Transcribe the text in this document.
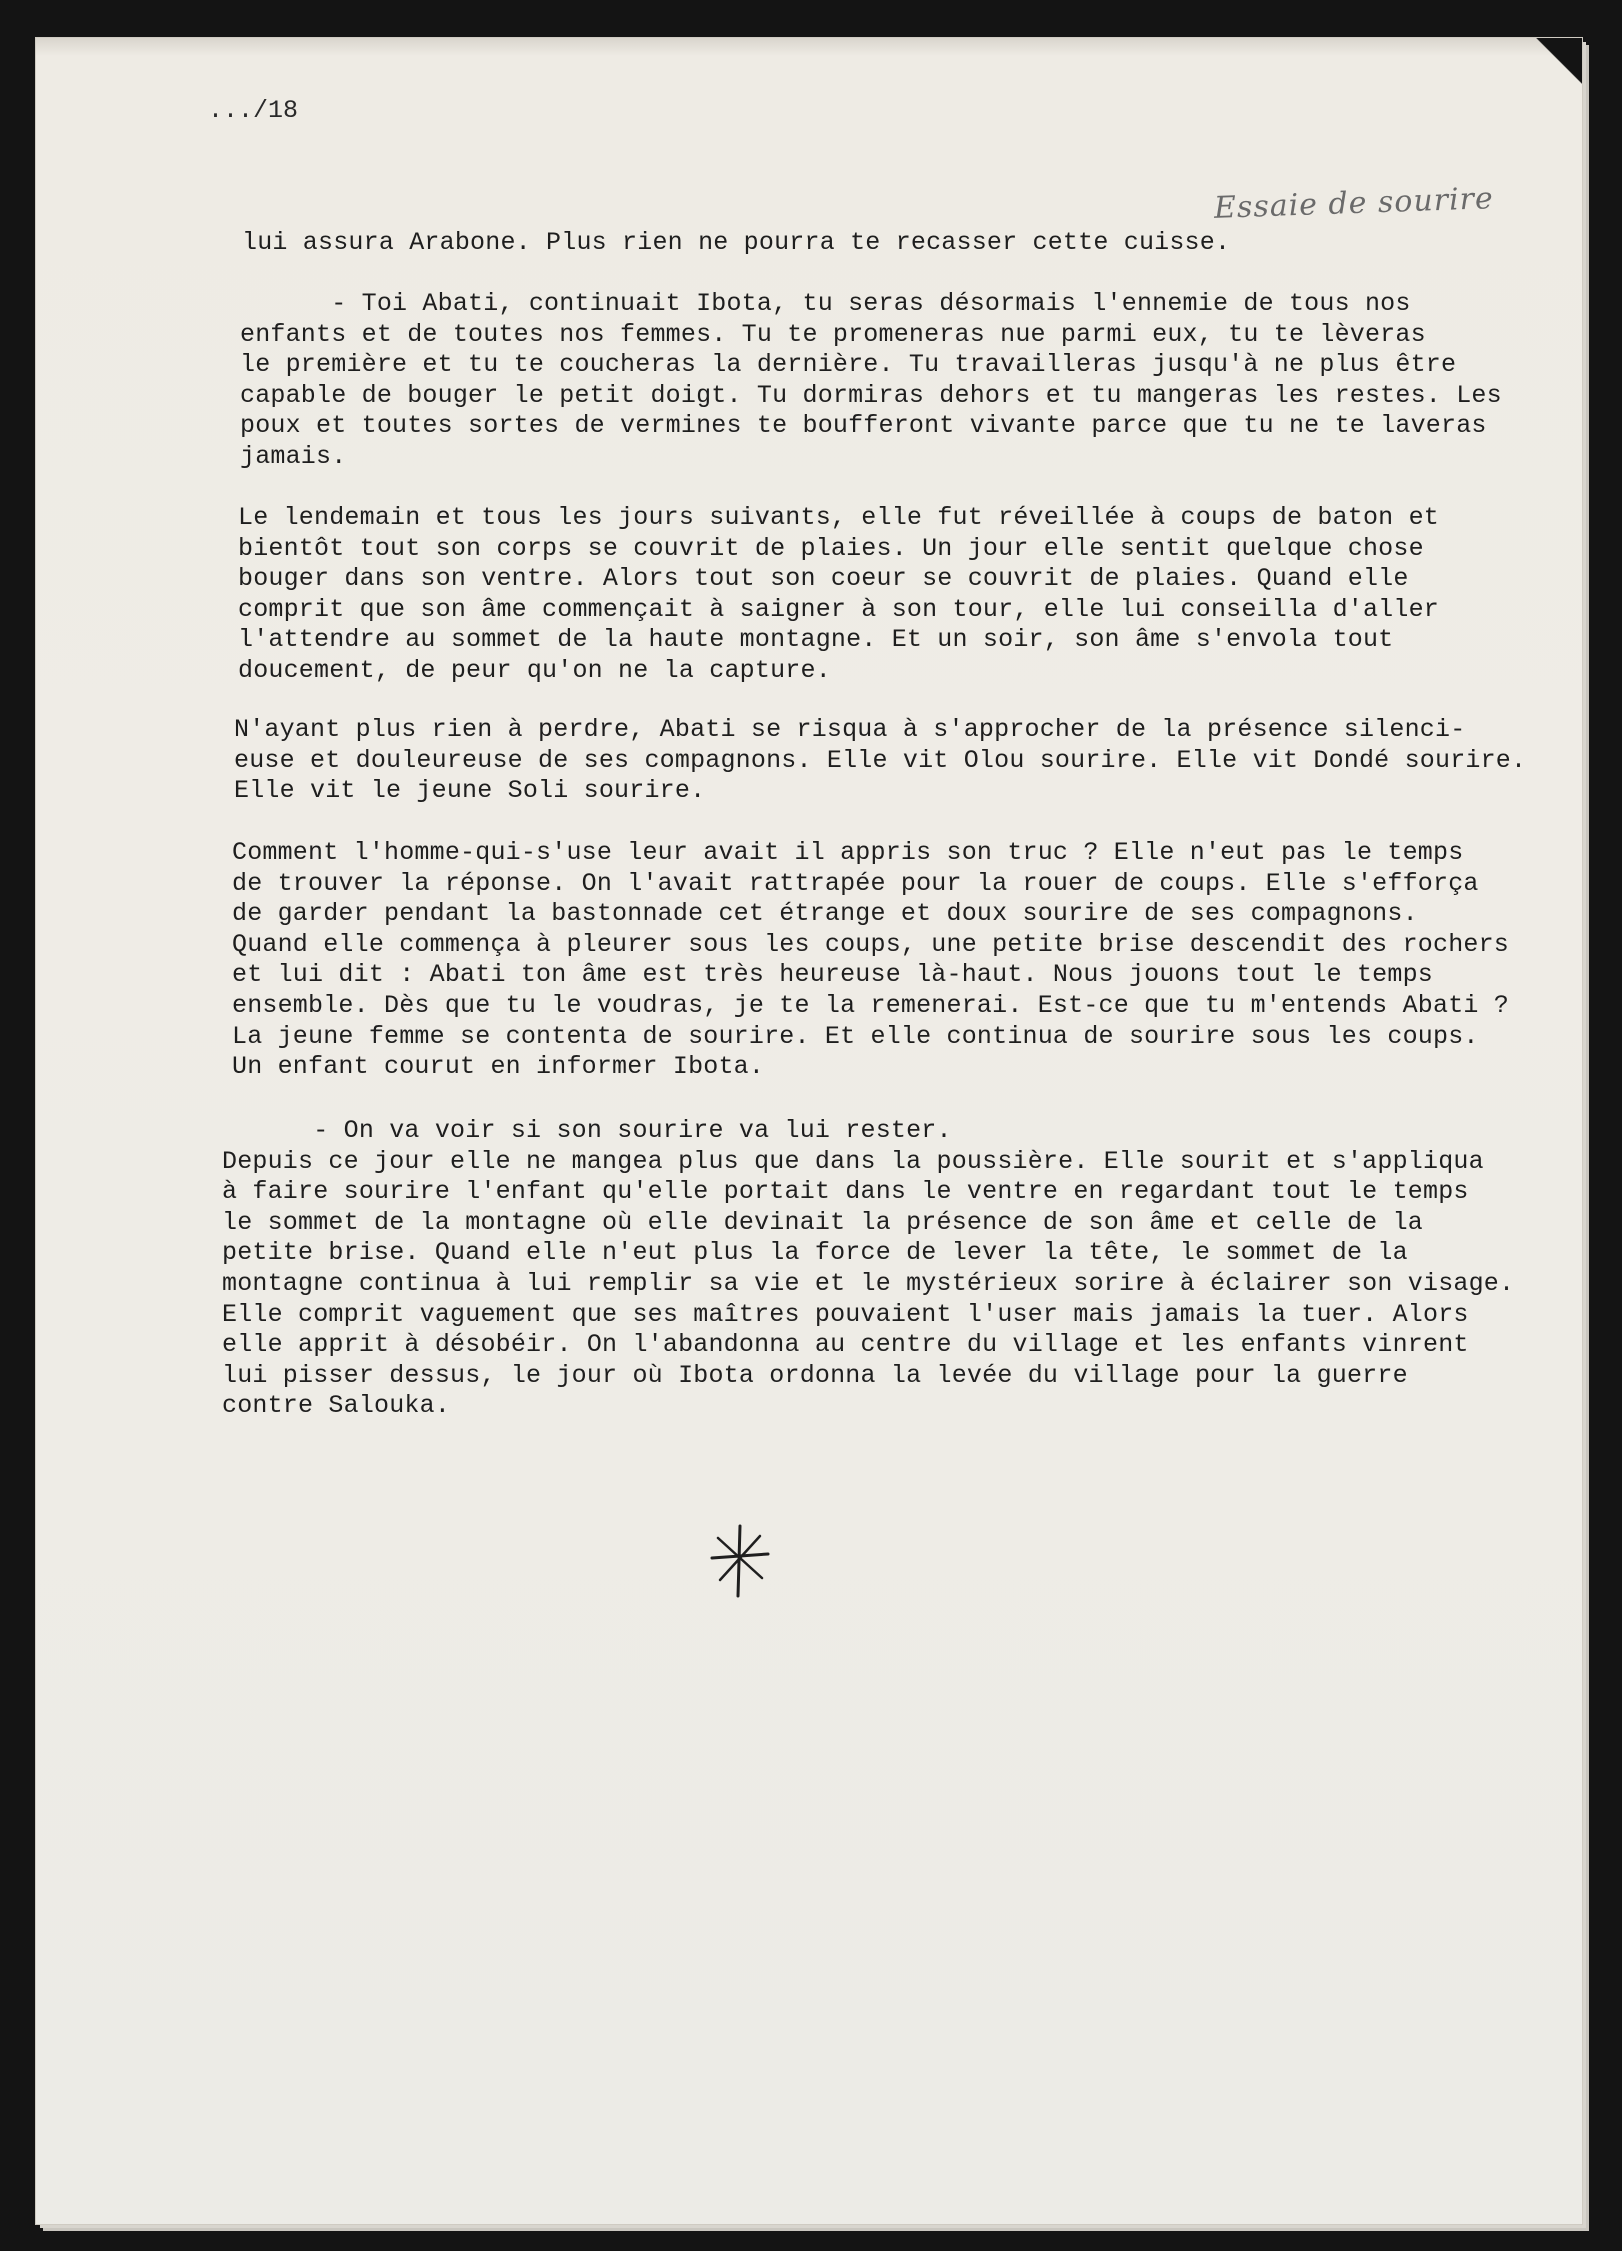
.../18
lui assura Arabone. Plus rien ne pourra te recasser cette cuisse.
Essaie de sourire
- Toi Abati, continuait Ibota, tu seras désormais l'ennemie de tous nos
enfants et de toutes nos femmes. Tu te promeneras nue parmi eux, tu te lèveras
le première et tu te coucheras la dernière. Tu travailleras jusqu'à ne plus être
capable de bouger le petit doigt. Tu dormiras dehors et tu mangeras les restes. Les
poux et toutes sortes de vermines te boufferont vivante parce que tu ne te laveras
jamais.
Le lendemain et tous les jours suivants, elle fut réveillée à coups de baton et
bientôt tout son corps se couvrit de plaies. Un jour elle sentit quelque chose
bouger dans son ventre. Alors tout son coeur se couvrit de plaies. Quand elle
comprit que son âme commençait à saigner à son tour, elle lui conseilla d'aller
l'attendre au sommet de la haute montagne. Et un soir, son âme s'envola tout
doucement, de peur qu'on ne la capture.
N'ayant plus rien à perdre, Abati se risqua à s'approcher de la présence silenci-
euse et douleureuse de ses compagnons. Elle vit Olou sourire. Elle vit Dondé sourire.
Elle vit le jeune Soli sourire.
Comment l'homme-qui-s'use leur avait il appris son truc ? Elle n'eut pas le temps
de trouver la réponse. On l'avait rattrapée pour la rouer de coups. Elle s'efforça
de garder pendant la bastonnade cet étrange et doux sourire de ses compagnons.
Quand elle commença à pleurer sous les coups, une petite brise descendit des rochers
et lui dit : Abati ton âme est très heureuse là-haut. Nous jouons tout le temps
ensemble. Dès que tu le voudras, je te la remenerai. Est-ce que tu m'entends Abati ?
La jeune femme se contenta de sourire. Et elle continua de sourire sous les coups.
Un enfant courut en informer Ibota.
- On va voir si son sourire va lui rester.
Depuis ce jour elle ne mangea plus que dans la poussière. Elle sourit et s'appliqua
à faire sourire l'enfant qu'elle portait dans le ventre en regardant tout le temps
le sommet de la montagne où elle devinait la présence de son âme et celle de la
petite brise. Quand elle n'eut plus la force de lever la tête, le sommet de la
montagne continua à lui remplir sa vie et le mystérieux sorire à éclairer son visage.
Elle comprit vaguement que ses maîtres pouvaient l'user mais jamais la tuer. Alors
elle apprit à désobéir. On l'abandonna au centre du village et les enfants vinrent
lui pisser dessus, le jour où Ibota ordonna la levée du village pour la guerre
contre Salouka.
